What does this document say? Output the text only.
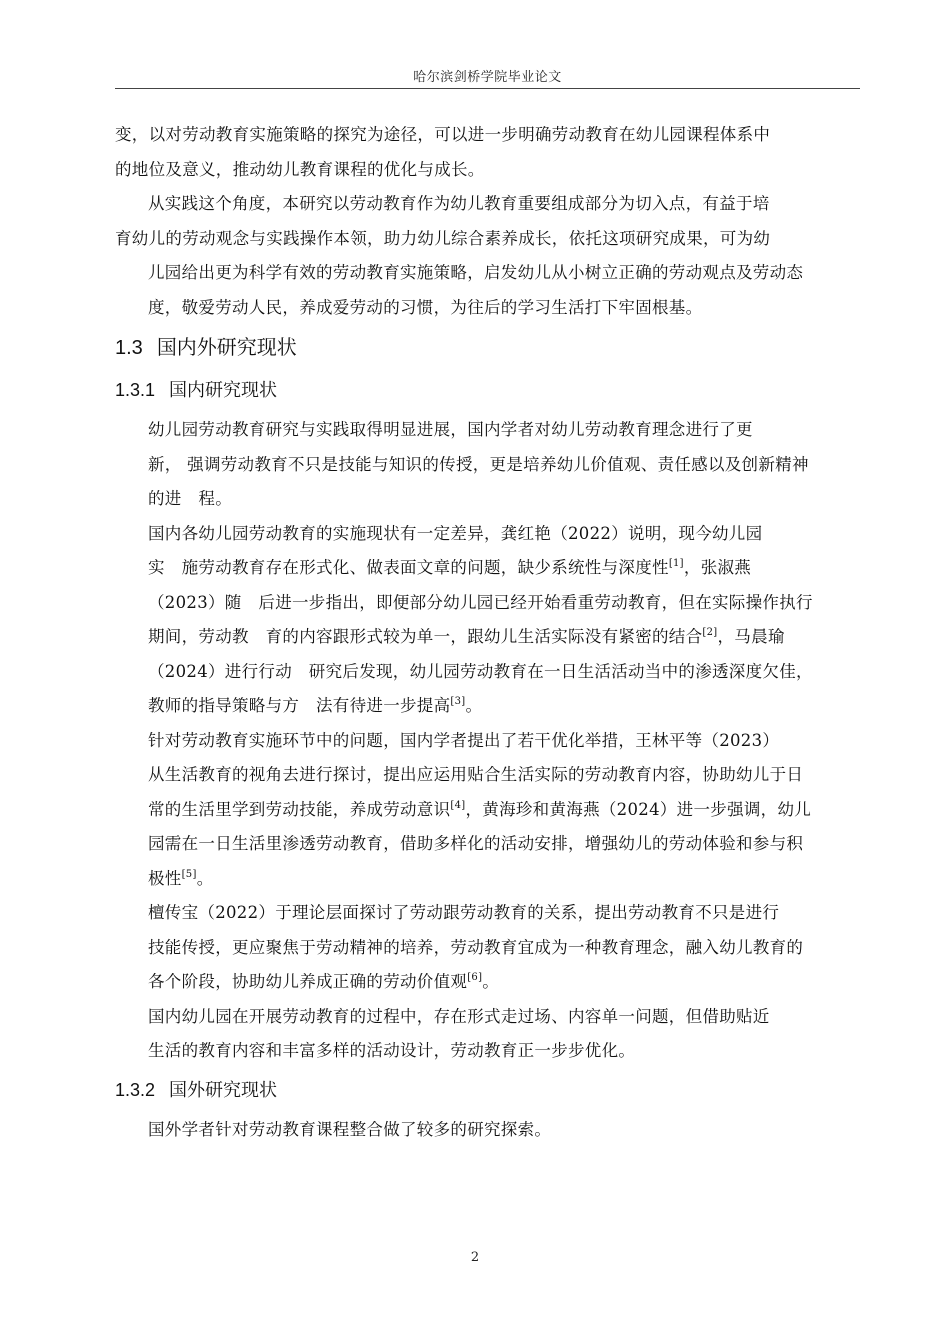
哈尔滨剑桥学院毕业论文

变，以对劳动教育实施策略的探究为途径，可以进一步明确劳动教育在幼儿园课程体系中
的地位及意义，推动幼儿教育课程的优化与成长。

从实践这个角度，本研究以劳动教育作为幼儿教育重要组成部分为切入点，有益于培
育幼儿的劳动观念与实践操作本领，助力幼儿综合素养成长，依托这项研究成果，可为幼
儿园给出更为科学有效的劳动教育实施策略，启发幼儿从小树立正确的劳动观点及劳动态
度，敬爱劳动人民，养成爱劳动的习惯，为往后的学习生活打下牢固根基。

1.3 国内外研究现状
1.3.1 国内研究现状

幼儿园劳动教育研究与实践取得明显进展，国内学者对幼儿劳动教育理念进行了更
新， 强调劳动教育不只是技能与知识的传授，更是培养幼儿价值观、责任感以及创新精神
的进　程。

国内各幼儿园劳动教育的实施现状有一定差异，龚红艳（2022）说明，现今幼儿园
实　施劳动教育存在形式化、做表面文章的问题，缺少系统性与深度性[1]，张淑燕
（2023）随　后进一步指出，即便部分幼儿园已经开始看重劳动教育，但在实际操作执行
期间，劳动教　育的内容跟形式较为单一，跟幼儿生活实际没有紧密的结合[2]，马晨瑜
（2024）进行行动　研究后发现，幼儿园劳动教育在一日生活活动当中的渗透深度欠佳，
教师的指导策略与方　法有待进一步提高[3]。

针对劳动教育实施环节中的问题，国内学者提出了若干优化举措，王林平等（2023）
从生活教育的视角去进行探讨，提出应运用贴合生活实际的劳动教育内容，协助幼儿于日
常的生活里学到劳动技能，养成劳动意识[4]，黄海珍和黄海燕（2024）进一步强调，幼儿
园需在一日生活里渗透劳动教育，借助多样化的活动安排，增强幼儿的劳动体验和参与积
极性[5]。

檀传宝（2022）于理论层面探讨了劳动跟劳动教育的关系，提出劳动教育不只是进行
技能传授，更应聚焦于劳动精神的培养，劳动教育宜成为一种教育理念，融入幼儿教育的
各个阶段，协助幼儿养成正确的劳动价值观[6]。

国内幼儿园在开展劳动教育的过程中，存在形式走过场、内容单一问题，但借助贴近
生活的教育内容和丰富多样的活动设计，劳动教育正一步步优化。

1.3.2 国外研究现状

国外学者针对劳动教育课程整合做了较多的研究探索。

2
